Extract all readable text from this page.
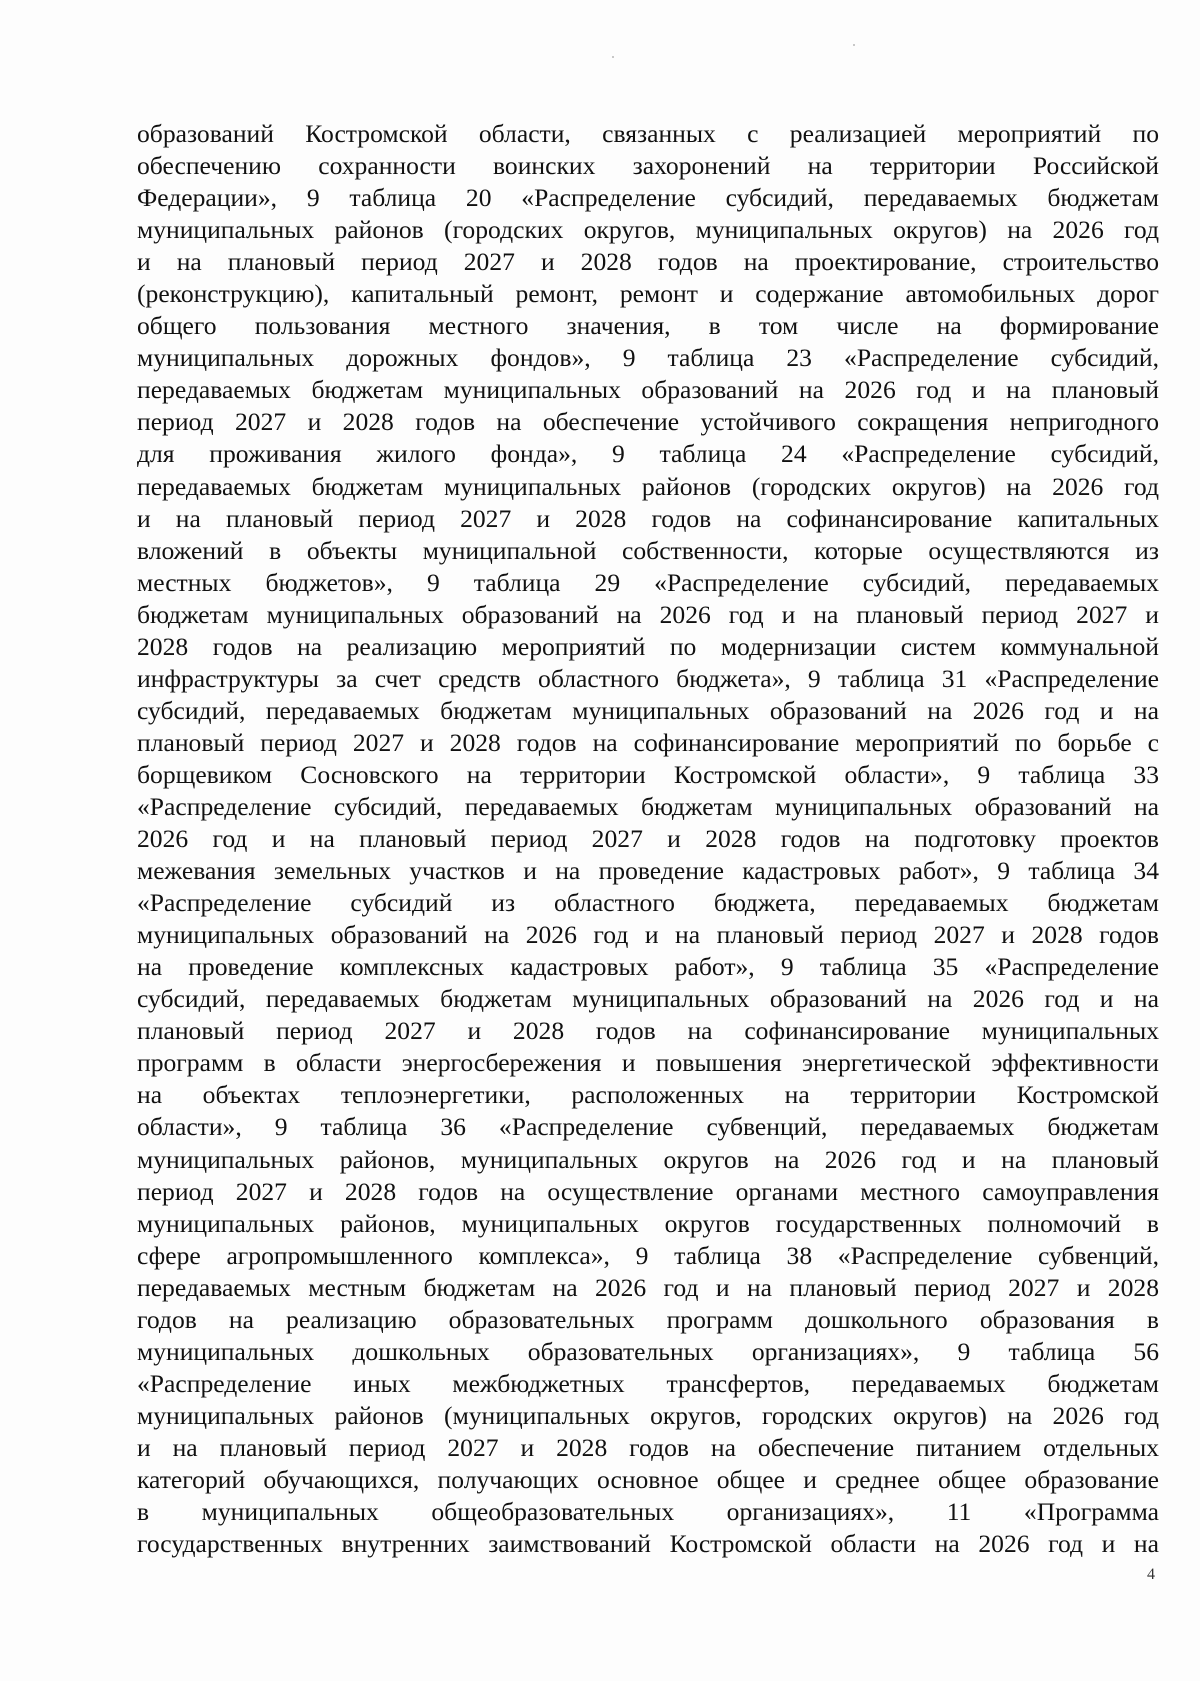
образований Костромской области, связанных с реализацией мероприятий по
обеспечению сохранности воинских захоронений на территории Российской
Федерации», 9 таблица 20 «Распределение субсидий, передаваемых бюджетам
муниципальных районов (городских округов, муниципальных округов) на 2026 год
и на плановый период 2027 и 2028 годов на проектирование, строительство
(реконструкцию), капитальный ремонт, ремонт и содержание автомобильных дорог
общего пользования местного значения, в том числе на формирование
муниципальных дорожных фондов», 9 таблица 23 «Распределение субсидий,
передаваемых бюджетам муниципальных образований на 2026 год и на плановый
период 2027 и 2028 годов на обеспечение устойчивого сокращения непригодного
для проживания жилого фонда», 9 таблица 24 «Распределение субсидий,
передаваемых бюджетам муниципальных районов (городских округов) на 2026 год
и на плановый период 2027 и 2028 годов на софинансирование капитальных
вложений в объекты муниципальной собственности, которые осуществляются из
местных бюджетов», 9 таблица 29 «Распределение субсидий, передаваемых
бюджетам муниципальных образований на 2026 год и на плановый период 2027 и
2028 годов на реализацию мероприятий по модернизации систем коммунальной
инфраструктуры за счет средств областного бюджета», 9 таблица 31 «Распределение
субсидий, передаваемых бюджетам муниципальных образований на 2026 год и на
плановый период 2027 и 2028 годов на софинансирование мероприятий по борьбе с
борщевиком Сосновского на территории Костромской области», 9 таблица 33
«Распределение субсидий, передаваемых бюджетам муниципальных образований на
2026 год и на плановый период 2027 и 2028 годов на подготовку проектов
межевания земельных участков и на проведение кадастровых работ», 9 таблица 34
«Распределение субсидий из областного бюджета, передаваемых бюджетам
муниципальных образований на 2026 год и на плановый период 2027 и 2028 годов
на проведение комплексных кадастровых работ», 9 таблица 35 «Распределение
субсидий, передаваемых бюджетам муниципальных образований на 2026 год и на
плановый период 2027 и 2028 годов на софинансирование муниципальных
программ в области энергосбережения и повышения энергетической эффективности
на объектах теплоэнергетики, расположенных на территории Костромской
области», 9 таблица 36 «Распределение субвенций, передаваемых бюджетам
муниципальных районов, муниципальных округов на 2026 год и на плановый
период 2027 и 2028 годов на осуществление органами местного самоуправления
муниципальных районов, муниципальных округов государственных полномочий в
сфере агропромышленного комплекса», 9 таблица 38 «Распределение субвенций,
передаваемых местным бюджетам на 2026 год и на плановый период 2027 и 2028
годов на реализацию образовательных программ дошкольного образования в
муниципальных дошкольных образовательных организациях», 9 таблица 56
«Распределение иных межбюджетных трансфертов, передаваемых бюджетам
муниципальных районов (муниципальных округов, городских округов) на 2026 год
и на плановый период 2027 и 2028 годов на обеспечение питанием отдельных
категорий обучающихся, получающих основное общее и среднее общее образование
в муниципальных общеобразовательных организациях», 11 «Программа
государственных внутренних заимствований Костромской области на 2026 год и на
4
